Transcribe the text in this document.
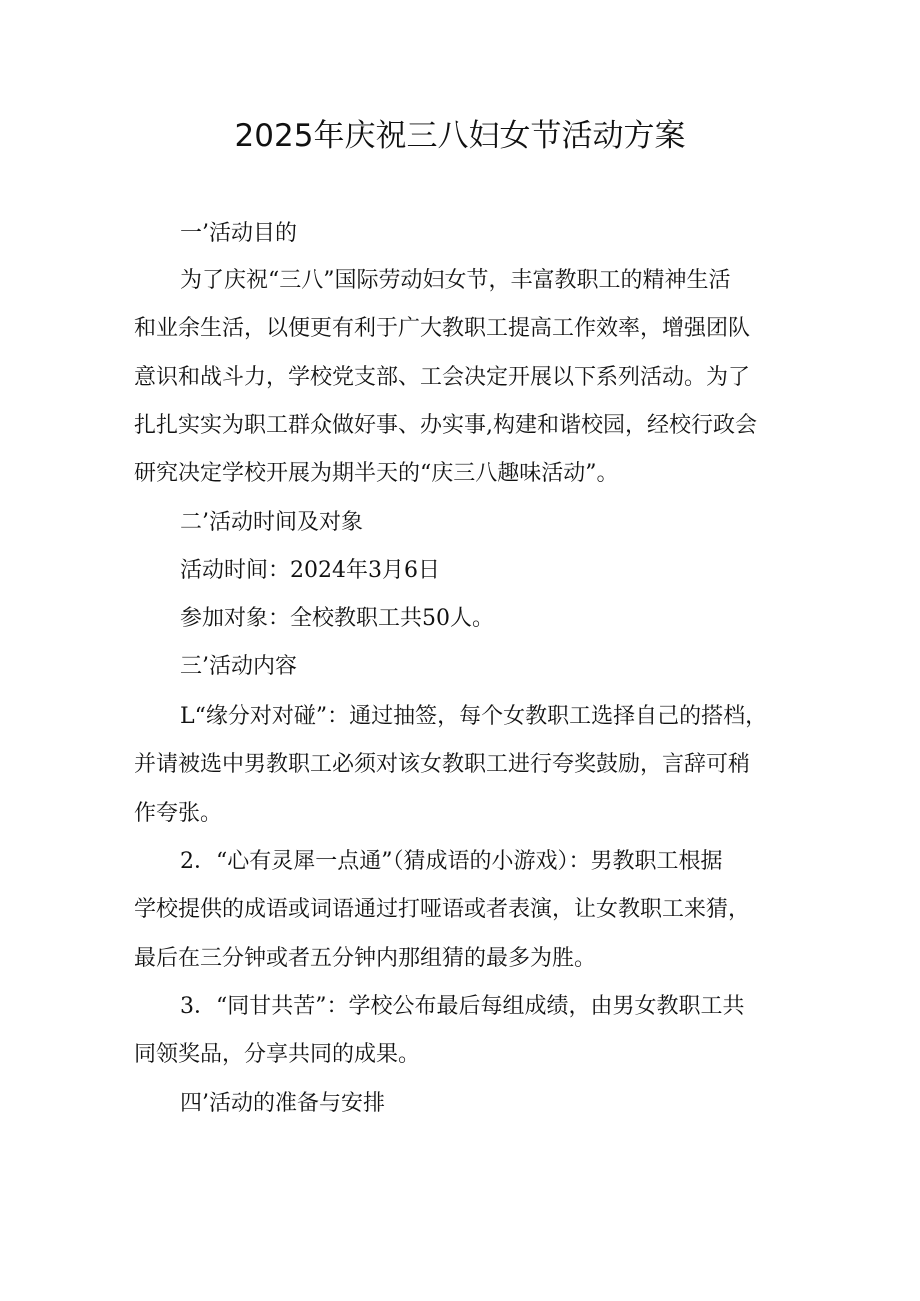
2025年庆祝三八妇女节活动方案
一’活动目的
为了庆祝“三八”国际劳动妇女节，丰富教职工的精神生活
和业余生活，以便更有利于广大教职工提高工作效率，增强团队
意识和战斗力，学校党支部、工会决定开展以下系列活动。为了
扎扎实实为职工群众做好事、办实事,构建和谐校园，经校行政会
研究决定学校开展为期半天的“庆三八趣味活动”。
二’活动时间及对象
活动时间：2024年3月6日
参加对象：全校教职工共50人。
三’活动内容
L“缘分对对碰”：通过抽签，每个女教职工选择自己的搭档，
并请被选中男教职工必须对该女教职工进行夸奖鼓励，言辞可稍
作夸张。
2．“心有灵犀一点通”（猜成语的小游戏）：男教职工根据
学校提供的成语或词语通过打哑语或者表演，让女教职工来猜，
最后在三分钟或者五分钟内那组猜的最多为胜。
3．“同甘共苦”：学校公布最后每组成绩，由男女教职工共
同领奖品，分享共同的成果。
四’活动的准备与安排
